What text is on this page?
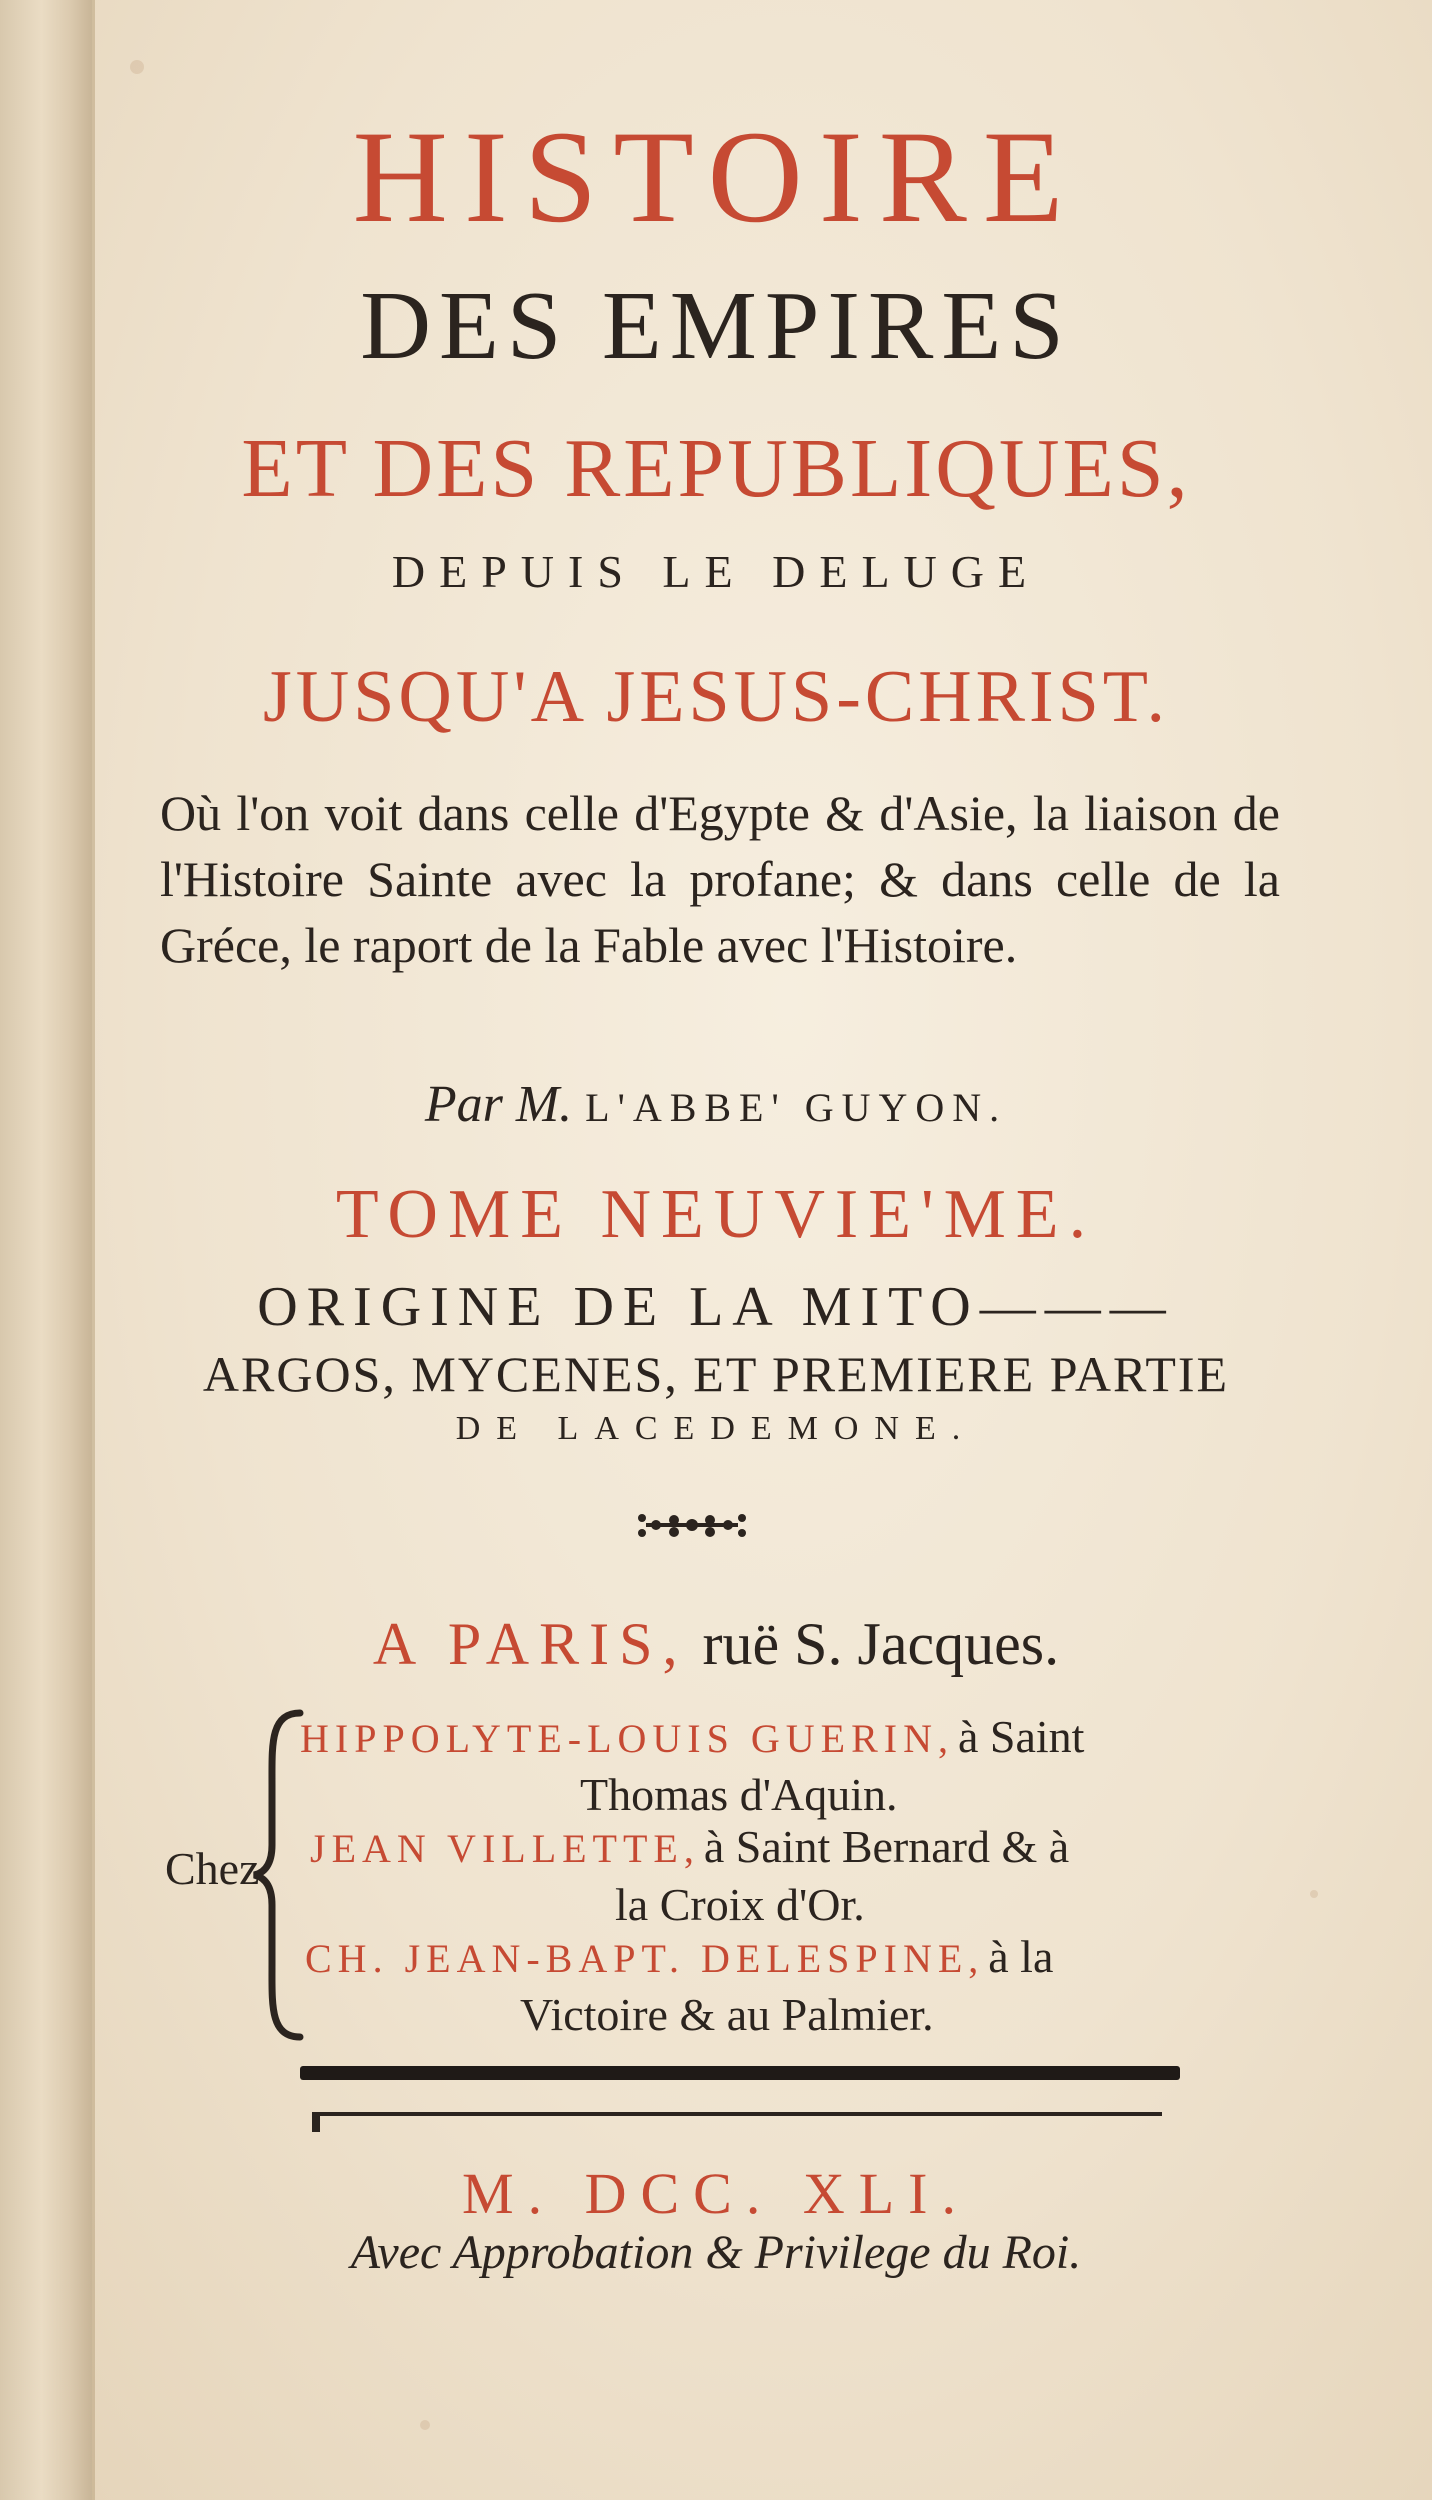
HISTOIRE
DES EMPIRES
ET DES REPUBLIQUES,
DEPUIS LE DELUGE
JUSQU'A JESUS-CHRIST.
Où l'on voit dans celle d'Egypte & d'Asie, la liaison de l'Histoire Sainte avec la profane; & dans celle de la Gréce, le raport de la Fable avec l'Histoire.
Par M. L'ABBE' GUYON.
TOME NEUVIE'ME.
ORIGINE DE LA MITO———
ARGOS, MYCENES, ET PREMIERE PARTIE
DE LACEDEMONE.
A PARIS, ruë S. Jacques.
Chez
HIPPOLYTE-LOUIS GUERIN, à Saint
Thomas d'Aquin.
JEAN VILLETTE, à Saint Bernard & à
la Croix d'Or.
CH. JEAN-BAPT. DELESPINE, à la
Victoire & au Palmier.
M. DCC. XLI.
Avec Approbation & Privilege du Roi.
